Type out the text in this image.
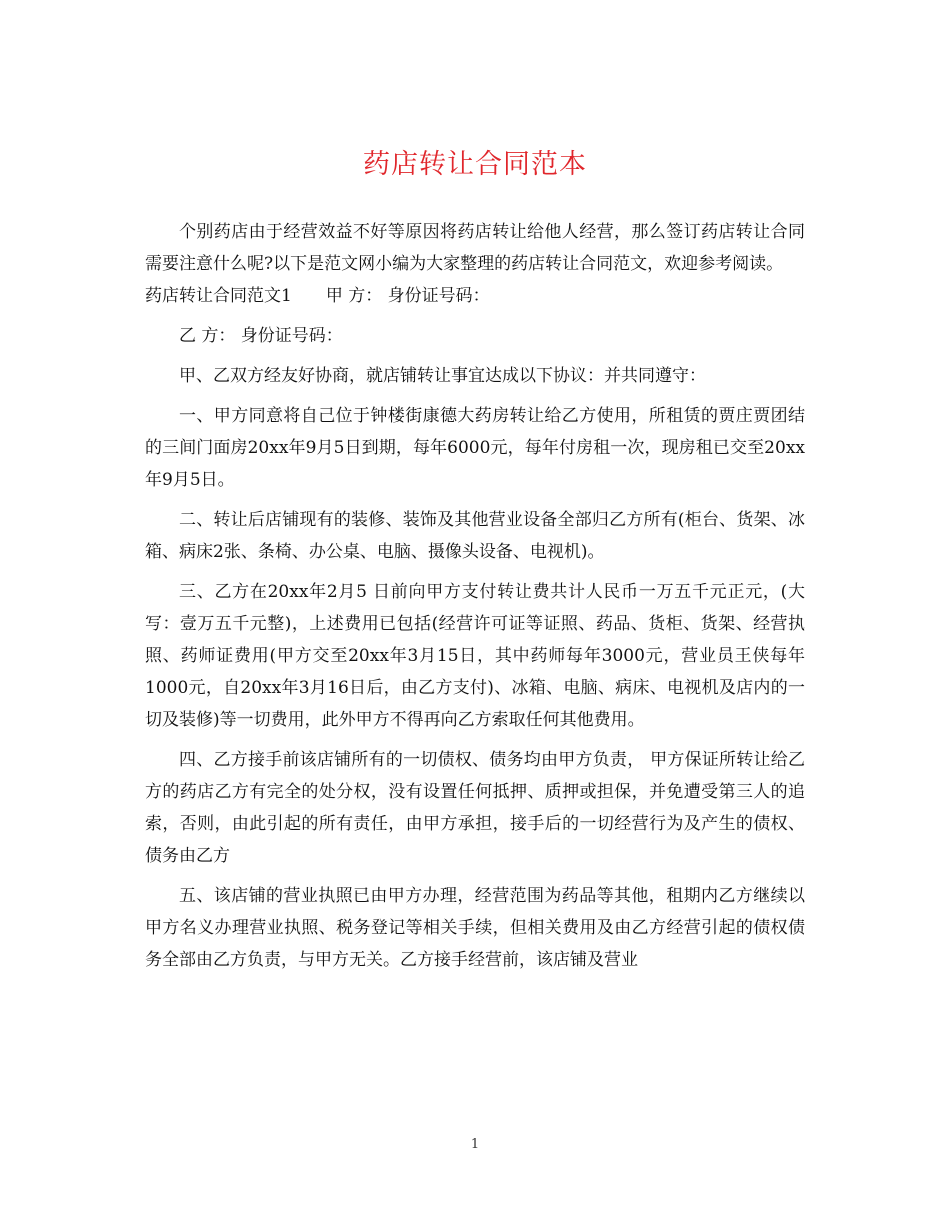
药店转让合同范本

个别药店由于经营效益不好等原因将药店转让给他人经营，那么签订药店转让合同需要注意什么呢?以下是范文网小编为大家整理的药店转让合同范文，欢迎参考阅读。

药店转让合同范文1　　甲 方： 身份证号码：

乙 方： 身份证号码：

甲、乙双方经友好协商，就店铺转让事宜达成以下协议：并共同遵守：

一、甲方同意将自己位于钟楼街康德大药房转让给乙方使用，所租赁的贾庄贾团结的三间门面房20xx年9月5日到期，每年6000元，每年付房租一次，现房租已交至20xx年9月5日。

二、转让后店铺现有的装修、装饰及其他营业设备全部归乙方所有(柜台、货架、冰箱、病床2张、条椅、办公桌、电脑、摄像头设备、电视机)。

三、乙方在20xx年2月5 日前向甲方支付转让费共计人民币一万五千元正元，(大写：壹万五千元整)，上述费用已包括(经营许可证等证照、药品、货柜、货架、经营执照、药师证费用(甲方交至20xx年3月15日，其中药师每年3000元，营业员王侠每年1000元，自20xx年3月16日后，由乙方支付)、冰箱、电脑、病床、电视机及店内的一切及装修)等一切费用，此外甲方不得再向乙方索取任何其他费用。

四、乙方接手前该店铺所有的一切债权、债务均由甲方负责， 甲方保证所转让给乙方的药店乙方有完全的处分权，没有设置任何抵押、质押或担保，并免遭受第三人的追索，否则，由此引起的所有责任，由甲方承担，接手后的一切经营行为及产生的债权、债务由乙方

五、该店铺的营业执照已由甲方办理，经营范围为药品等其他，租期内乙方继续以甲方名义办理营业执照、税务登记等相关手续，但相关费用及由乙方经营引起的债权债务全部由乙方负责，与甲方无关。乙方接手经营前，该店铺及营业

1
